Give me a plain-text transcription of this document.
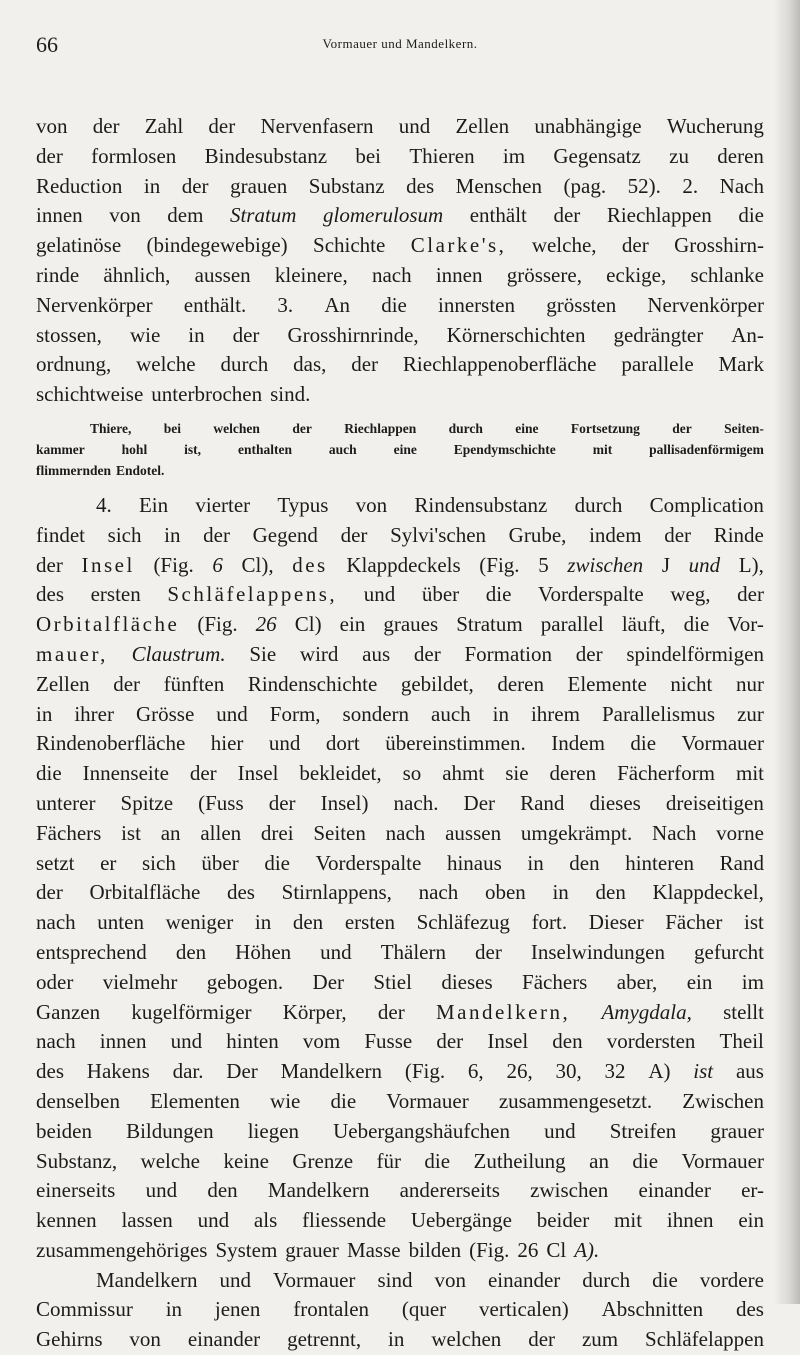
66	Vormauer und Mandelkern.
von der Zahl der Nervenfasern und Zellen unabhängige Wucherung
der formlosen Bindesubstanz bei Thieren im Gegensatz zu deren
Reduction in der grauen Substanz des Menschen (pag. 52). 2. Nach
innen von dem Stratum glomerulosum enthält der Riechlappen die
gelatinöse (bindegewebige) Schichte Clarke's, welche, der Grosshirn-
rinde ähnlich, aussen kleinere, nach innen grössere, eckige, schlanke
Nervenkörper enthält. 3. An die innersten grössten Nervenkörper
stossen, wie in der Grosshirnrinde, Körnerschichten gedrängter An-
ordnung, welche durch das, der Riechlappenoberfläche parallele Mark
schichtweise unterbrochen sind.
Thiere, bei welchen der Riechlappen durch eine Fortsetzung der Seiten-
kammer	hohl	ist,	enthalten	auch	eine	Ependymschichte	mit	pallisadenförmigem
flimmernden Endotel.
4. Ein vierter Typus von Rindensubstanz durch Complication
findet sich in der Gegend der Sylvi'schen Grube, indem der Rinde
der Insel (Fig. 6 Cl), des Klappdeckels (Fig. 5 zwischen J und L),
des ersten Schläfelappens, und über die Vorderspalte weg, der
Orbitalfläche (Fig. 26 Cl) ein graues Stratum parallel läuft, die Vor-
mauer, Claustrum. Sie wird aus der Formation der spindelförmigen
Zellen der fünften Rindenschichte gebildet, deren Elemente nicht nur
in ihrer Grösse und Form, sondern auch in ihrem Parallelismus zur
Rindenoberfläche hier und dort übereinstimmen. Indem die Vormauer
die Innenseite der Insel bekleidet, so ahmt sie deren Fächerform mit
unterer Spitze (Fuss der Insel) nach. Der Rand dieses dreiseitigen
Fächers ist an allen drei Seiten nach aussen umgekrämpt. Nach vorne
setzt er sich über die Vorderspalte hinaus in den hinteren Rand
der Orbitalfläche des Stirnlappens, nach oben in den Klappdeckel,
nach unten weniger in den ersten Schläfezug fort. Dieser Fächer ist
entsprechend den Höhen und Thälern der Inselwindungen gefurcht
oder vielmehr gebogen. Der Stiel dieses Fächers aber, ein im
Ganzen kugelförmiger Körper, der Mandelkern, Amygdala, stellt
nach innen und hinten vom Fusse der Insel den vordersten Theil
des Hakens dar. Der Mandelkern (Fig. 6, 26, 30, 32 A) ist aus
denselben Elementen wie die Vormauer zusammengesetzt. Zwischen
beiden Bildungen liegen Uebergangshäufchen und Streifen grauer
Substanz, welche keine Grenze für die Zutheilung an die Vormauer
einerseits und den Mandelkern andererseits zwischen einander er-
kennen lassen und als fliessende Uebergänge beider mit ihnen ein
zusammengehöriges System grauer Masse bilden (Fig. 26 Cl A).
Mandelkern und Vormauer sind von einander durch die vordere
Commissur in jenen frontalen (quer verticalen) Abschnitten des
Gehirns von einander getrennt, in welchen der zum Schläfelappen
